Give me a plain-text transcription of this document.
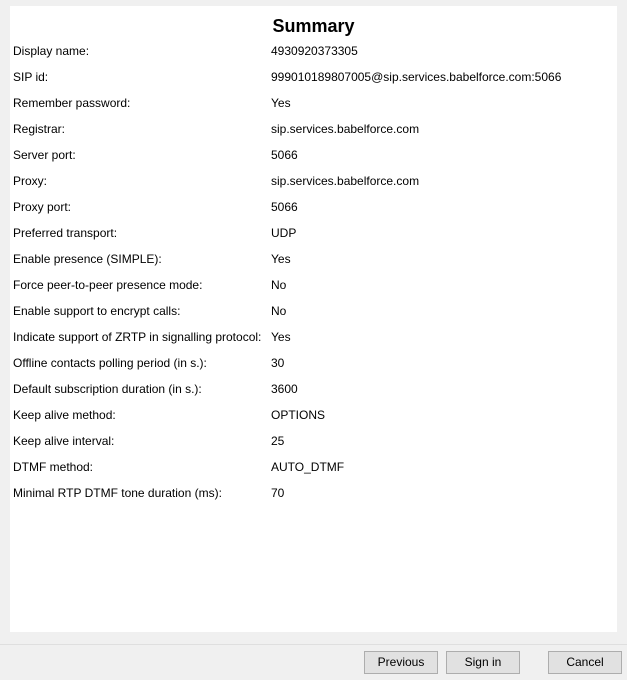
Summary
Display name:	4930920373305
SIP id:	999010189807005@sip.services.babelforce.com:5066
Remember password:	Yes
Registrar:	sip.services.babelforce.com
Server port:	5066
Proxy:	sip.services.babelforce.com
Proxy port:	5066
Preferred transport:	UDP
Enable presence (SIMPLE):	Yes
Force peer-to-peer presence mode:	No
Enable support to encrypt calls:	No
Indicate support of ZRTP in signalling protocol: Yes
Offline contacts polling period (in s.):	30
Default subscription duration (in s.):	3600
Keep alive method:	OPTIONS
Keep alive interval:	25
DTMF method:	AUTO_DTMF
Minimal RTP DTMF tone duration (ms):	70
Previous	Sign in	Cancel
